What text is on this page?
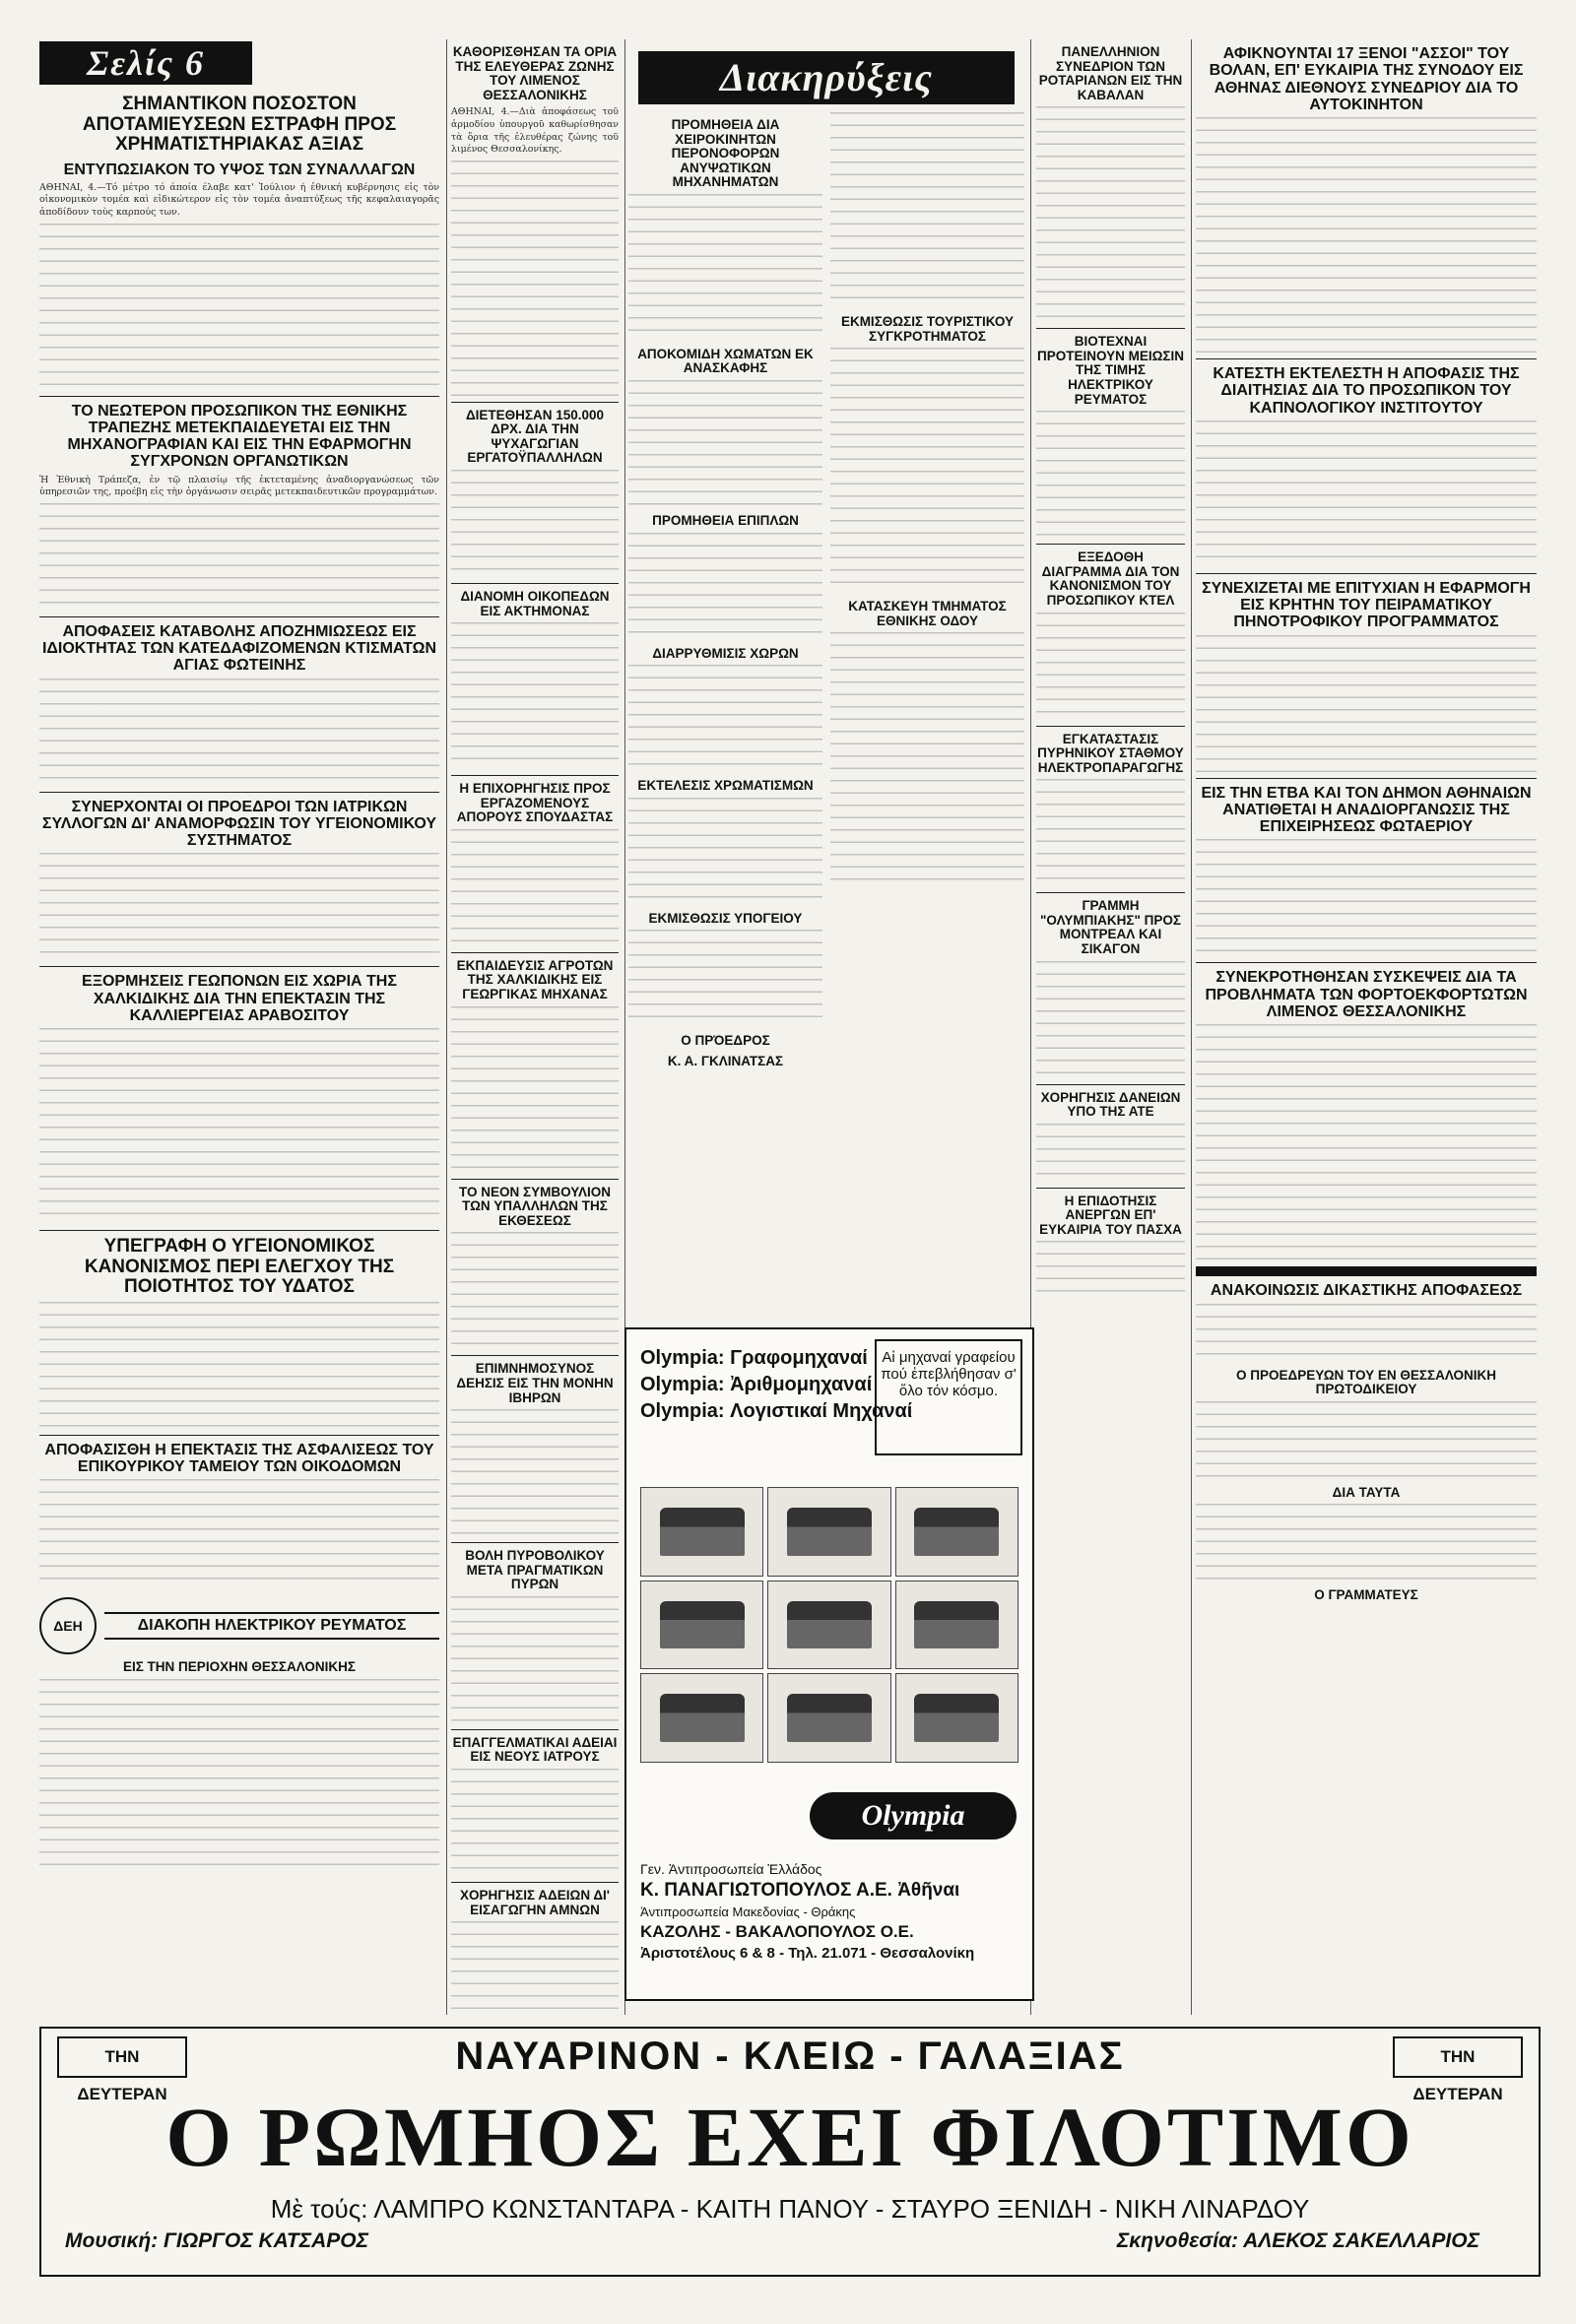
Σελίς 6
ΣΗΜΑΝΤΙΚΟΝ ΠΟΣΟΣΤΟΝ ΑΠΟΤΑΜΙΕΥΣΕΩΝ ΕΣΤΡΑΦΗ ΠΡΟΣ ΧΡΗΜΑΤΙΣΤΗΡΙΑΚΑΣ ΑΞΙΑΣ
ΕΝΤΥΠΩΣΙΑΚΟΝ ΤΟ ΥΨΟΣ ΤΩΝ ΣΥΝΑΛΛΑΓΩΝ

ΑΘΗΝΑΙ, 4.—Τό μέτρο τό άποία έλαβε κατ' Ἰούλιον ή ἐθνική κυβέρνησις εἰς τὸν οἰκονομικὸν τομέα καὶ εἰδικώτερον εἰς τὸν τομέα ἀναπτύξεως τῆς κεφαλαιαγορᾶς ἀποδίδουν τοὺς καρπούς των.

ΤΟ ΝΕΩΤΕΡΟΝ ΠΡΟΣΩΠΙΚΟΝ ΤΗΣ ΕΘΝΙΚΗΣ ΤΡΑΠΕΖΗΣ ΜΕΤΕΚΠΑΙΔΕΥΕΤΑΙ ΕΙΣ ΤΗΝ ΜΗΧΑΝΟΓΡΑΦΙΑΝ ΚΑΙ ΕΙΣ ΤΗΝ ΕΦΑΡΜΟΓΗΝ ΣΥΓΧΡΟΝΩΝ ΟΡΓΑΝΩΤΙΚΩΝ

Ἡ Ἐθνικὴ Τράπεζα, ἐν τῷ πλαισίῳ τῆς ἐκτεταμένης ἀναδιοργανώσεως τῶν ὑπηρεσιῶν της, προέβη εἰς τὴν ὀργάνωσιν σειρᾶς μετεκπαιδευτικῶν προγραμμάτων.

ΑΠΟΦΑΣΕΙΣ ΚΑΤΑΒΟΛΗΣ ΑΠΟΖΗΜΙΩΣΕΩΣ ΕΙΣ ΙΔΙΟΚΤΗΤΑΣ ΤΩΝ ΚΑΤΕΔΑΦΙΖΟΜΕΝΩΝ ΚΤΙΣΜΑΤΩΝ ΑΓΙΑΣ ΦΩΤΕΙΝΗΣ
ΣΥΝΕΡΧΟΝΤΑΙ ΟΙ ΠΡΟΕΔΡΟΙ ΤΩΝ ΙΑΤΡΙΚΩΝ ΣΥΛΛΟΓΩΝ ΔΙ' ΑΝΑΜΟΡΦΩΣΙΝ ΤΟΥ ΥΓΕΙΟΝΟΜΙΚΟΥ ΣΥΣΤΗΜΑΤΟΣ
ΕΞΟΡΜΗΣΕΙΣ ΓΕΩΠΟΝΩΝ ΕΙΣ ΧΩΡΙΑ ΤΗΣ ΧΑΛΚΙΔΙΚΗΣ ΔΙΑ ΤΗΝ ΕΠΕΚΤΑΣΙΝ ΤΗΣ ΚΑΛΛΙΕΡΓΕΙΑΣ ΑΡΑΒΟΣΙΤΟΥ
ΥΠΕΓΡΑΦΗ Ο ΥΓΕΙΟΝΟΜΙΚΟΣ ΚΑΝΟΝΙΣΜΟΣ ΠΕΡΙ ΕΛΕΓΧΟΥ ΤΗΣ ΠΟΙΟΤΗΤΟΣ ΤΟΥ ΥΔΑΤΟΣ
ΑΠΟΦΑΣΙΣΘΗ Η ΕΠΕΚΤΑΣΙΣ ΤΗΣ ΑΣΦΑΛΙΣΕΩΣ ΤΟΥ ΕΠΙΚΟΥΡΙΚΟΥ ΤΑΜΕΙΟΥ ΤΩΝ ΟΙΚΟΔΟΜΩΝ
ΔΕΗ	ΔΙΑΚΟΠΗ ΗΛΕΚΤΡΙΚΟΥ ΡΕΥΜΑΤΟΣ
ΕΙΣ ΤΗΝ ΠΕΡΙΟΧΗΝ ΘΕΣΣΑΛΟΝΙΚΗΣ
ΚΑΘΟΡΙΣΘΗΣΑΝ ΤΑ ΟΡΙΑ ΤΗΣ ΕΛΕΥΘΕΡΑΣ ΖΩΝΗΣ ΤΟΥ ΛΙΜΕΝΟΣ ΘΕΣΣΑΛΟΝΙΚΗΣ

ΑΘΗΝΑΙ, 4.—Διὰ ἀποφάσεως τοῦ ἁρμοδίου ὑπουργοῦ καθωρίσθησαν τὰ ὅρια τῆς ἐλευθέρας ζώνης τοῦ λιμένος Θεσσαλονίκης.

ΔΙΕΤΕΘΗΣΑΝ 150.000 ΔΡΧ. ΔΙΑ ΤΗΝ ΨΥΧΑΓΩΓΙΑΝ ΕΡΓΑΤΟΫΠΑΛΛΗΛΩΝ
ΔΙΑΝΟΜΗ ΟΙΚΟΠΕΔΩΝ ΕΙΣ ΑΚΤΗΜΟΝΑΣ
Η ΕΠΙΧΟΡΗΓΗΣΙΣ ΠΡΟΣ ΕΡΓΑΖΟΜΕΝΟΥΣ ΑΠΟΡΟΥΣ ΣΠΟΥΔΑΣΤΑΣ
ΕΚΠΑΙΔΕΥΣΙΣ ΑΓΡΟΤΩΝ ΤΗΣ ΧΑΛΚΙΔΙΚΗΣ ΕΙΣ ΓΕΩΡΓΙΚΑΣ ΜΗΧΑΝΑΣ
ΤΟ ΝΕΟΝ ΣΥΜΒΟΥΛΙΟΝ ΤΩΝ ΥΠΑΛΛΗΛΩΝ ΤΗΣ ΕΚΘΕΣΕΩΣ
ΕΠΙΜΝΗΜΟΣΥΝΟΣ ΔΕΗΣΙΣ ΕΙΣ ΤΗΝ ΜΟΝΗΝ ΙΒΗΡΩΝ
ΒΟΛΗ ΠΥΡΟΒΟΛΙΚΟΥ ΜΕΤΑ ΠΡΑΓΜΑΤΙΚΩΝ ΠΥΡΩΝ
ΕΠΑΓΓΕΛΜΑΤΙΚΑΙ ΑΔΕΙΑΙ ΕΙΣ ΝΕΟΥΣ ΙΑΤΡΟΥΣ
ΧΟΡΗΓΗΣΙΣ ΑΔΕΙΩΝ ΔΙ' ΕΙΣΑΓΩΓΗΝ ΑΜΝΩΝ
Διακηρύξεις
ΠΡΟΜΗΘΕΙΑ ΔΙΑ ΧΕΙΡΟΚΙΝΗΤΩΝ ΠΕΡΟΝΟΦΟΡΩΝ ΑΝΥΨΩΤΙΚΩΝ ΜΗΧΑΝΗΜΑΤΩΝ
ΑΠΟΚΟΜΙΔΗ ΧΩΜΑΤΩΝ ΕΚ ΑΝΑΣΚΑΦΗΣ
ΠΡΟΜΗΘΕΙΑ ΕΠΙΠΛΩΝ
ΔΙΑΡΡΥΘΜΙΣΙΣ ΧΩΡΩΝ
ΕΚΤΕΛΕΣΙΣ ΧΡΩΜΑΤΙΣΜΩΝ
ΕΚΜΙΣΘΩΣΙΣ ΥΠΟΓΕΙΟΥ
Ο ΠΡΌΕΔΡΟΣ
Κ. Α. ΓΚΛΙΝΑΤΣΑΣ
ΕΚΜΙΣΘΩΣΙΣ ΤΟΥΡΙΣΤΙΚΟΥ ΣΥΓΚΡΟΤΗΜΑΤΟΣ
ΚΑΤΑΣΚΕΥΗ ΤΜΗΜΑΤΟΣ ΕΘΝΙΚΗΣ ΟΔΟΥ
ΠΑΝΕΛΛΗΝΙΟΝ ΣΥΝΕΔΡΙΟΝ ΤΩΝ ΡΟΤΑΡΙΑΝΩΝ ΕΙΣ ΤΗΝ ΚΑΒΑΛΑΝ
ΒΙΟΤΕΧΝΑΙ ΠΡΟΤΕΙΝΟΥΝ ΜΕΙΩΣΙΝ ΤΗΣ ΤΙΜΗΣ ΗΛΕΚΤΡΙΚΟΥ ΡΕΥΜΑΤΟΣ
ΕΞΕΔΟΘΗ ΔΙΑΓΡΑΜΜΑ ΔΙΑ ΤΟΝ ΚΑΝΟΝΙΣΜΟΝ ΤΟΥ ΠΡΟΣΩΠΙΚΟΥ ΚΤΕΛ
ΕΓΚΑΤΑΣΤΑΣΙΣ ΠΥΡΗΝΙΚΟΥ ΣΤΑΘΜΟΥ ΗΛΕΚΤΡΟΠΑΡΑΓΩΓΗΣ
ΓΡΑΜΜΗ "ΟΛΥΜΠΙΑΚΗΣ" ΠΡΟΣ ΜΟΝΤΡΕΑΛ ΚΑΙ ΣΙΚΑΓΟΝ
ΧΟΡΗΓΗΣΙΣ ΔΑΝΕΙΩΝ ΥΠΟ ΤΗΣ ΑΤΕ
Η ΕΠΙΔΟΤΗΣΙΣ ΑΝΕΡΓΩΝ ΕΠ' ΕΥΚΑΙΡΙΑ ΤΟΥ ΠΑΣΧΑ
ΑΦΙΚΝΟΥΝΤΑΙ 17 ΞΕΝΟΙ "ΑΣΣΟΙ" ΤΟΥ ΒΟΛΑΝ, ΕΠ' ΕΥΚΑΙΡΙΑ ΤΗΣ ΣΥΝΟΔΟΥ ΕΙΣ ΑΘΗΝΑΣ ΔΙΕΘΝΟΥΣ ΣΥΝΕΔΡΙΟΥ ΔΙΑ ΤΟ ΑΥΤΟΚΙΝΗΤΟΝ
ΚΑΤΕΣΤΗ ΕΚΤΕΛΕΣΤΗ Η ΑΠΟΦΑΣΙΣ ΤΗΣ ΔΙΑΙΤΗΣΙΑΣ ΔΙΑ ΤΟ ΠΡΟΣΩΠΙΚΟΝ ΤΟΥ ΚΑΠΝΟΛΟΓΙΚΟΥ ΙΝΣΤΙΤΟΥΤΟΥ
ΣΥΝΕΧΙΖΕΤΑΙ ΜΕ ΕΠΙΤΥΧΙΑΝ Η ΕΦΑΡΜΟΓΗ ΕΙΣ ΚΡΗΤΗΝ ΤΟΥ ΠΕΙΡΑΜΑΤΙΚΟΥ ΠΗΝΟΤΡΟΦΙΚΟΥ ΠΡΟΓΡΑΜΜΑΤΟΣ
ΕΙΣ ΤΗΝ ΕΤΒΑ ΚΑΙ ΤΟΝ ΔΗΜΟΝ ΑΘΗΝΑΙΩΝ ΑΝΑΤΙΘΕΤΑΙ Η ΑΝΑΔΙΟΡΓΑΝΩΣΙΣ ΤΗΣ ΕΠΙΧΕΙΡΗΣΕΩΣ ΦΩΤΑΕΡΙΟΥ
ΣΥΝΕΚΡΟΤΗΘΗΣΑΝ ΣΥΣΚΕΨΕΙΣ ΔΙΑ ΤΑ ΠΡΟΒΛΗΜΑΤΑ ΤΩΝ ΦΟΡΤΟΕΚΦΟΡΤΩΤΩΝ ΛΙΜΕΝΟΣ ΘΕΣΣΑΛΟΝΙΚΗΣ
ΑΝΑΚΟΙΝΩΣΙΣ ΔΙΚΑΣΤΙΚΗΣ ΑΠΟΦΑΣΕΩΣ
Ο ΠΡΟΕΔΡΕΥΩΝ ΤΟΥ ΕΝ ΘΕΣΣΑΛΟΝΙΚΗ ΠΡΩΤΟΔΙΚΕΙΟΥ
ΔΙΑ ΤΑΥΤΑ
Ο ΓΡΑΜΜΑΤΕΥΣ
Olympia: Γραφομηχαναί
Olympia: Ἀριθμομηχαναί
Olympia: Λογιστικαί Μηχαναί
Αἱ μηχαναί γραφείου πού ἐπεβλήθησαν σ' ὅλο τόν κόσμο.
Olympia
Γεν. Ἀντιπροσωπεία Ἑλλάδος
Κ. ΠΑΝΑΓΙΩΤΟΠΟΥΛΟΣ Α.Ε. Ἀθῆναι
Ἀντιπροσωπεία Μακεδονίας - Θράκης
ΚΑΖΟΛΗΣ - ΒΑΚΑΛΟΠΟΥΛΟΣ Ο.Ε.
Ἀριστοτέλους 6 & 8 - Τηλ. 21.071 - Θεσσαλονίκη
ΤΗΝ ΔΕΥΤΕΡΑΝ
ΤΗΝ ΔΕΥΤΕΡΑΝ
ΝΑΥΑΡΙΝΟΝ - ΚΛΕΙΩ - ΓΑΛΑΞΙΑΣ
Ο ΡΩΜΗΟΣ ΕΧΕΙ ΦΙΛΟΤΙΜΟ
Μὲ τούς: ΛΑΜΠΡΟ ΚΩΝΣΤΑΝΤΑΡΑ - ΚΑΙΤΗ ΠΑΝΟΥ - ΣΤΑΥΡΟ ΞΕΝΙΔΗ - ΝΙΚΗ ΛΙΝΑΡΔΟΥ
Μουσική: ΓΙΩΡΓΟΣ ΚΑΤΣΑΡΟΣ	Σκηνοθεσία: ΑΛΕΚΟΣ ΣΑΚΕΛΛΑΡΙΟΣ
